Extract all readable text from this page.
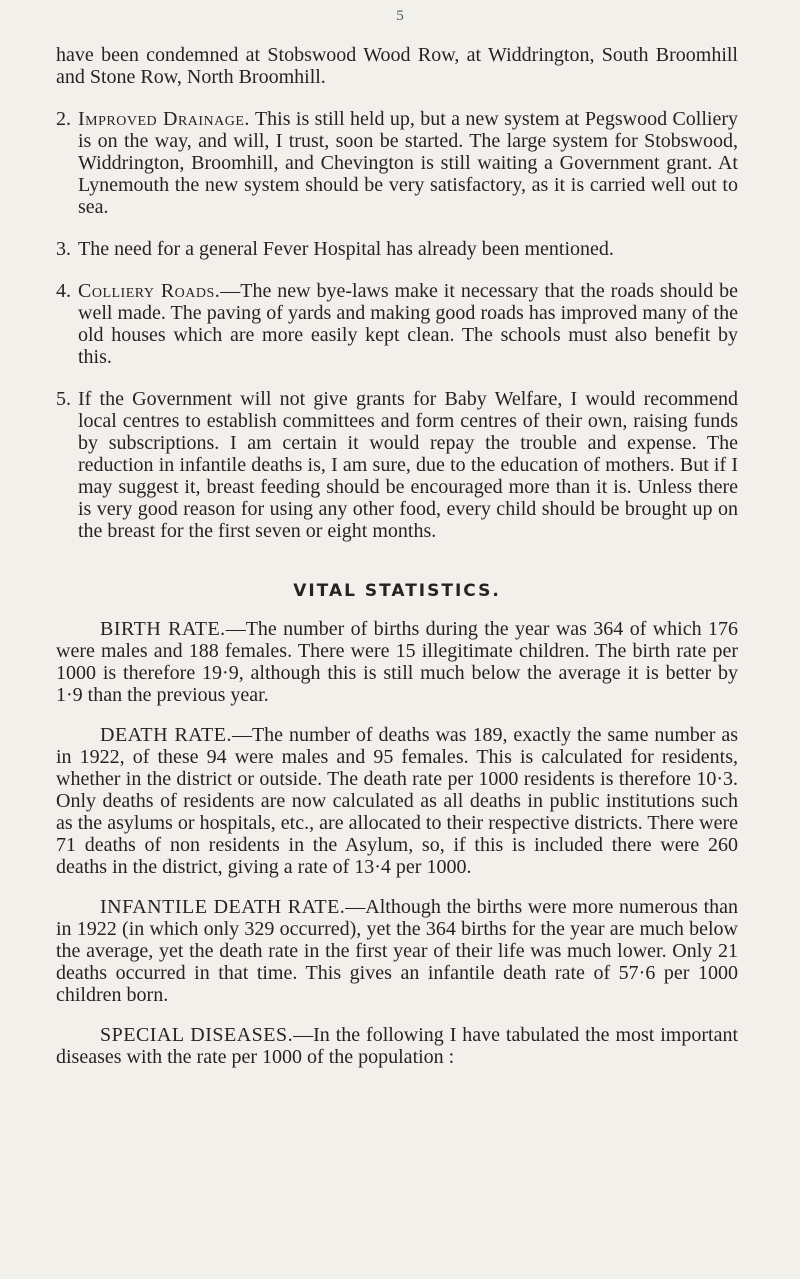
5

have been condemned at Stobswood Wood Row, at Widdrington, South Broomhill and Stone Row, North Broomhill.

2. Improved Drainage. This is still held up, but a new system at Pegswood Colliery is on the way, and will, I trust, soon be started. The large system for Stobswood, Widdrington, Broomhill, and Chevington is still waiting a Government grant. At Lynemouth the new system should be very satisfactory, as it is carried well out to sea.
3. The need for a general Fever Hospital has already been mentioned.
4. Colliery Roads.—The new bye-laws make it necessary that the roads should be well made. The paving of yards and making good roads has improved many of the old houses which are more easily kept clean. The schools must also benefit by this.
5. If the Government will not give grants for Baby Welfare, I would recommend local centres to establish committees and form centres of their own, raising funds by subscriptions. I am certain it would repay the trouble and expense. The reduction in infantile deaths is, I am sure, due to the education of mothers. But if I may suggest it, breast feeding should be encouraged more than it is. Unless there is very good reason for using any other food, every child should be brought up on the breast for the first seven or eight months.
VITAL STATISTICS.

BIRTH RATE.—The number of births during the year was 364 of which 176 were males and 188 females. There were 15 illegitimate children. The birth rate per 1000 is therefore 19·9, although this is still much below the average it is better by 1·9 than the previous year.

DEATH RATE.—The number of deaths was 189, exactly the same number as in 1922, of these 94 were males and 95 females. This is calculated for residents, whether in the district or outside. The death rate per 1000 residents is therefore 10·3. Only deaths of residents are now calculated as all deaths in public institutions such as the asylums or hospitals, etc., are allocated to their respective districts. There were 71 deaths of non residents in the Asylum, so, if this is included there were 260 deaths in the district, giving a rate of 13·4 per 1000.

INFANTILE DEATH RATE.—Although the births were more numerous than in 1922 (in which only 329 occurred), yet the 364 births for the year are much below the average, yet the death rate in the first year of their life was much lower. Only 21 deaths occurred in that time. This gives an infantile death rate of 57·6 per 1000 children born.

SPECIAL DISEASES.—In the following I have tabulated the most important diseases with the rate per 1000 of the population :
